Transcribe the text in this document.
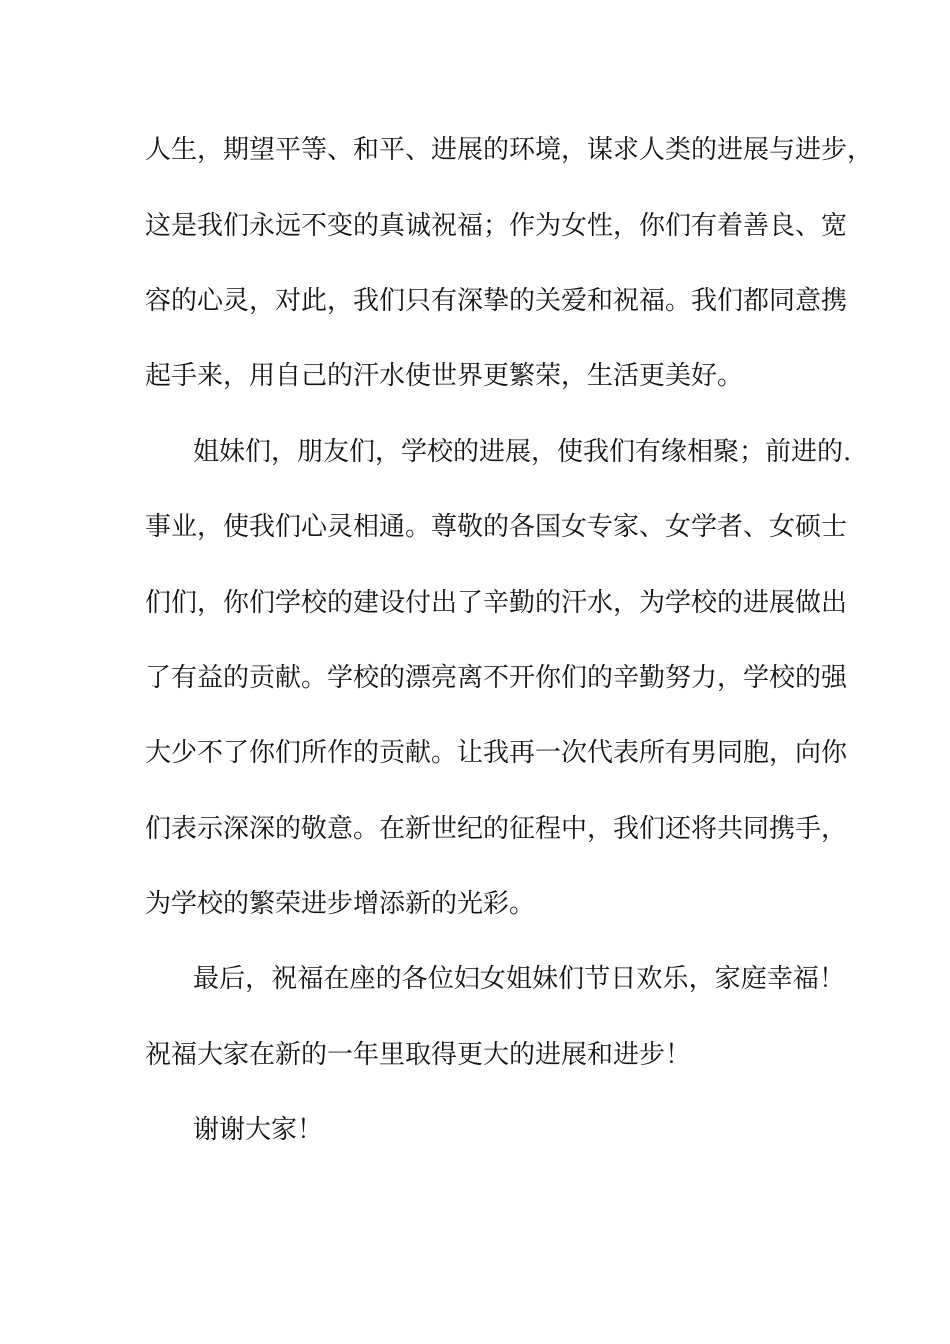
人生，期望平等、和平、进展的环境，谋求人类的进展与进步，
这是我们永远不变的真诚祝福；作为女性，你们有着善良、宽
容的心灵，对此，我们只有深挚的关爱和祝福。我们都同意携
起手来，用自己的汗水使世界更繁荣，生活更美好。
姐妹们，朋友们，学校的进展，使我们有缘相聚；前进的.
事业，使我们心灵相通。尊敬的各国女专家、女学者、女硕士
们们，你们学校的建设付出了辛勤的汗水，为学校的进展做出
了有益的贡献。学校的漂亮离不开你们的辛勤努力，学校的强
大少不了你们所作的贡献。让我再一次代表所有男同胞，向你
们表示深深的敬意。在新世纪的征程中，我们还将共同携手，
为学校的繁荣进步增添新的光彩。
最后，祝福在座的各位妇女姐妹们节日欢乐，家庭幸福！
祝福大家在新的一年里取得更大的进展和进步！
谢谢大家！
